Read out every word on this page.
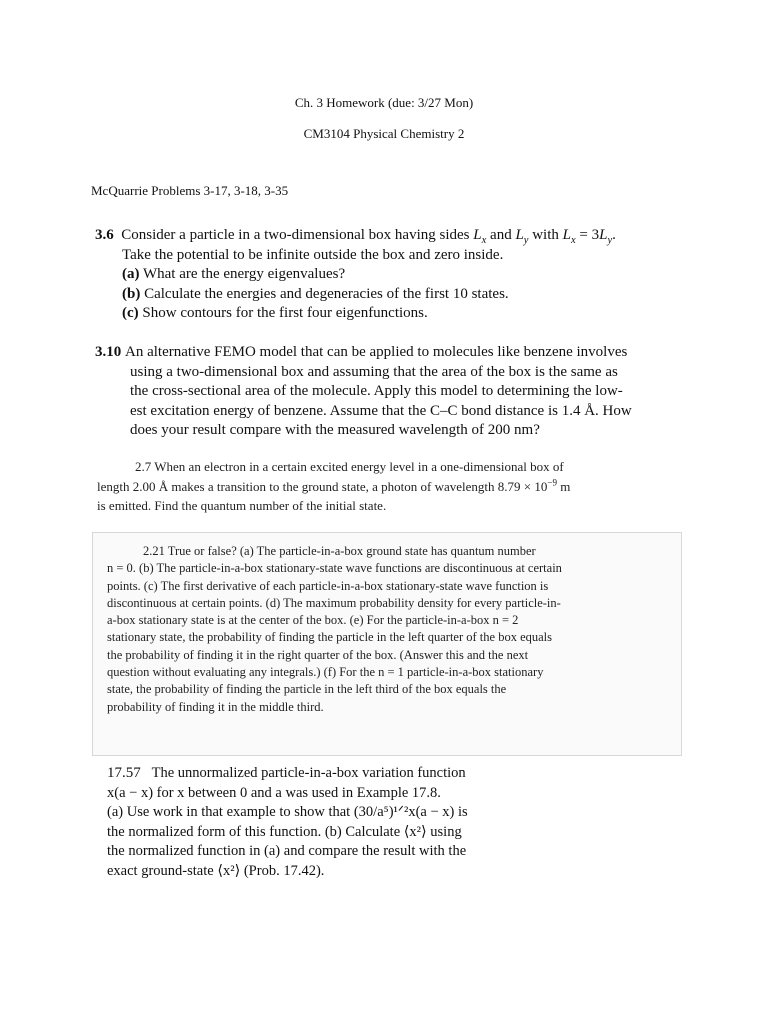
Ch. 3 Homework (due: 3/27 Mon)
CM3104 Physical Chemistry 2
McQuarrie Problems 3-17, 3-18, 3-35
3.6 Consider a particle in a two-dimensional box having sides $L_x$ and $L_y$ with $L_x = 3L_y$.
Take the potential to be infinite outside the box and zero inside.
(a) What are the energy eigenvalues?
(b) Calculate the energies and degeneracies of the first 10 states.
(c) Show contours for the first four eigenfunctions.
3.10 An alternative FEMO model that can be applied to molecules like benzene involves
using a two-dimensional box and assuming that the area of the box is the same as
the cross-sectional area of the molecule. Apply this model to determining the low-
est excitation energy of benzene. Assume that the C–C bond distance is 1.4 Å. How
does your result compare with the measured wavelength of 200 nm?
2.7 When an electron in a certain excited energy level in a one-dimensional box of
length 2.00 Å makes a transition to the ground state, a photon of wavelength $8.79 \times 10^{-9}$ m
is emitted. Find the quantum number of the initial state.
2.21 True or false? (a) The particle-in-a-box ground state has quantum number
n = 0. (b) The particle-in-a-box stationary-state wave functions are discontinuous at certain
points. (c) The first derivative of each particle-in-a-box stationary-state wave function is
discontinuous at certain points. (d) The maximum probability density for every particle-in-
a-box stationary state is at the center of the box. (e) For the particle-in-a-box n = 2
stationary state, the probability of finding the particle in the left quarter of the box equals
the probability of finding it in the right quarter of the box. (Answer this and the next
question without evaluating any integrals.) (f) For the n = 1 particle-in-a-box stationary
state, the probability of finding the particle in the left third of the box equals the
probability of finding it in the middle third.
17.57 The unnormalized particle-in-a-box variation function
x(a − x) for x between 0 and a was used in Example 17.8.
(a) Use work in that example to show that (30/a⁵)¹ᐟ²x(a − x) is
the normalized form of this function. (b) Calculate ⟨x²⟩ using
the normalized function in (a) and compare the result with the
exact ground-state ⟨x²⟩ (Prob. 17.42).
